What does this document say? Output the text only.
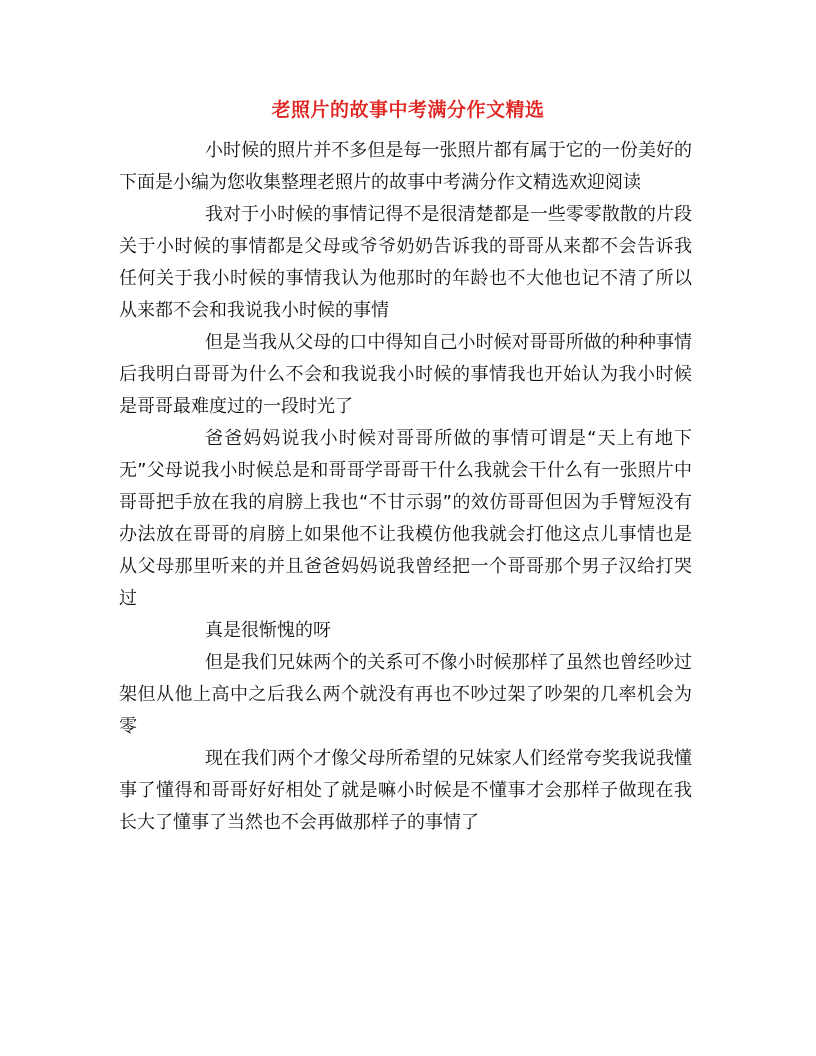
老照片的故事中考满分作文精选

小时候的照片并不多但是每一张照片都有属于它的一份美好的下面是小编为您收集整理老照片的故事中考满分作文精选欢迎阅读

我对于小时候的事情记得不是很清楚都是一些零零散散的片段关于小时候的事情都是父母或爷爷奶奶告诉我的哥哥从来都不会告诉我任何关于我小时候的事情我认为他那时的年龄也不大他也记不清了所以从来都不会和我说我小时候的事情

但是当我从父母的口中得知自己小时候对哥哥所做的种种事情后我明白哥哥为什么不会和我说我小时候的事情我也开始认为我小时候是哥哥最难度过的一段时光了

爸爸妈妈说我小时候对哥哥所做的事情可谓是“天上有地下无”父母说我小时候总是和哥哥学哥哥干什么我就会干什么有一张照片中哥哥把手放在我的肩膀上我也“不甘示弱”的效仿哥哥但因为手臂短没有办法放在哥哥的肩膀上如果他不让我模仿他我就会打他这点儿事情也是从父母那里听来的并且爸爸妈妈说我曾经把一个哥哥那个男子汉给打哭过

真是很惭愧的呀

但是我们兄妹两个的关系可不像小时候那样了虽然也曾经吵过架但从他上高中之后我么两个就没有再也不吵过架了吵架的几率机会为零

现在我们两个才像父母所希望的兄妹家人们经常夸奖我说我懂事了懂得和哥哥好好相处了就是嘛小时候是不懂事才会那样子做现在我长大了懂事了当然也不会再做那样子的事情了
